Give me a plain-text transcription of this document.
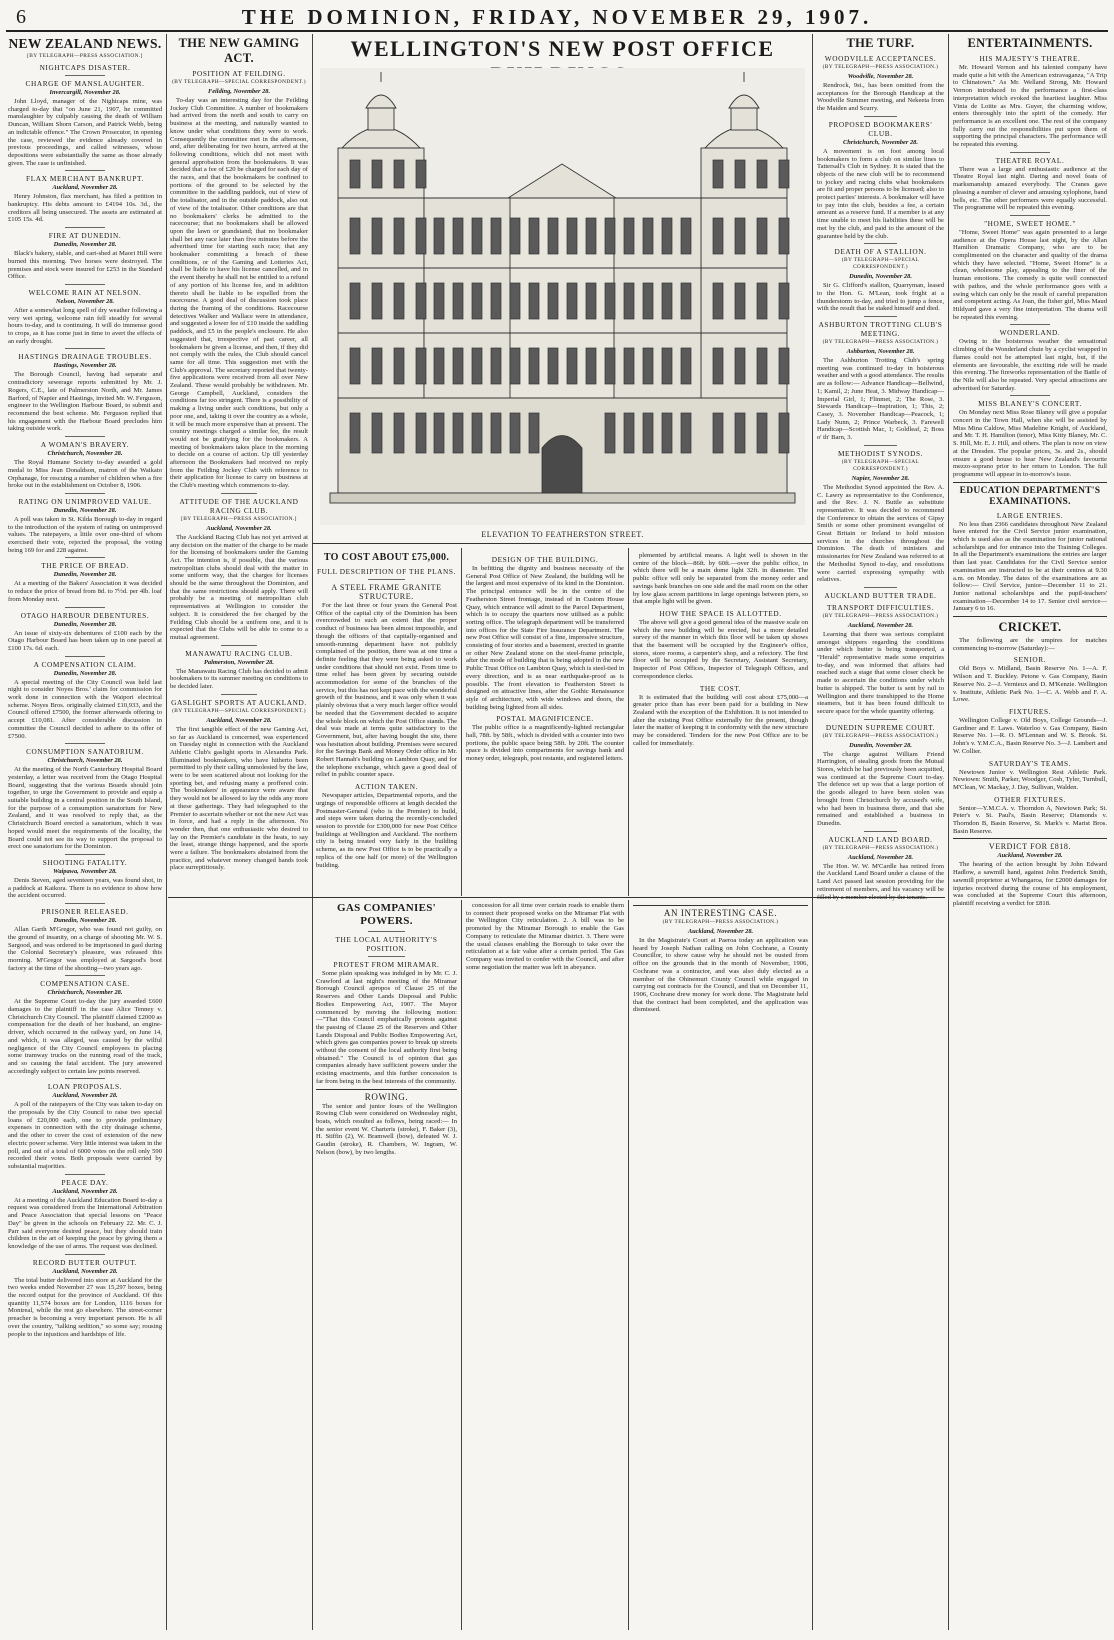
6	THE DOMINION, FRIDAY, NOVEMBER 29, 1907.
NEW ZEALAND NEWS.
[BY TELEGRAPH—PRESS ASSOCIATION.]
NIGHTCAPS DISASTER.
CHARGE OF MANSLAUGHTER.
Invercargill, November 28.

John Lloyd, manager of the Nightcaps mine, was charged to-day that "on June 21, 1907, he committed manslaughter by culpably causing the death of William Duncan, William Shorn Carson, and Patrick Webb, being an indictable offence." The Crown Prosecutor, in opening the case, reviewed the evidence already covered in previous proceedings, and called witnesses, whose depositions were substantially the same as those already given. The case is unfinished.

FLAX MERCHANT BANKRUPT.
Auckland, November 28.

Henry Johnston, flax merchant, has filed a petition in bankruptcy. His debts amount to £4194 10s. 3d., the creditors all being unsecured. The assets are estimated at £105 15s. 4d.

FIRE AT DUNEDIN.
Dunedin, November 28.

Black's bakery, stable, and cart-shed at Maori Hill were burned this morning. Two horses were destroyed. The premises and stock were insured for £253 in the Standard Office.

WELCOME RAIN AT NELSON.
Nelson, November 28.

After a somewhat long spell of dry weather following a very wet spring, welcome rain fell steadily for several hours to-day, and is continuing. It will do immense good to crops, as it has come just in time to avert the effects of an early drought.

HASTINGS DRAINAGE TROUBLES.
Hastings, November 28.

The Borough Council, having had separate and contradictory sewerage reports submitted by Mr. J. Rogers, C.E., late of Palmerston North, and Mr. James Barford, of Napier and Hastings, invited Mr. W. Ferguson, engineer to the Wellington Harbour Board, to submit and recommend the best scheme. Mr. Ferguson replied that his engagement with the Harbour Board precludes him taking outside work.

A WOMAN'S BRAVERY.
Christchurch, November 28.

The Royal Humane Society to-day awarded a gold medal to Miss Jean Donaldson, matron of the Waikato Orphanage, for rescuing a number of children when a fire broke out in the establishment on October 8, 1906.

RATING ON UNIMPROVED VALUE.
Dunedin, November 28.

A poll was taken in St. Kilda Borough to-day in regard to the introduction of the system of rating on unimproved values. The ratepayers, a little over one-third of whom exercised their vote, rejected the proposal, the voting being 169 for and 228 against.

THE PRICE OF BREAD.
Dunedin, November 28.

At a meeting of the Bakers' Association it was decided to reduce the price of bread from 8d. to 7½d. per 4lb. loaf from Monday next.

OTAGO HARBOUR DEBENTURES.
Dunedin, November 28.

An issue of sixty-six debentures of £100 each by the Otago Harbour Board has been taken up in one parcel at £100 17s. 6d. each.

A COMPENSATION CLAIM.
Dunedin, November 28.

A special meeting of the City Council was held last night to consider Noyes Bros.' claim for commission for work done in connection with the Waipori electrical scheme. Noyes Bros. originally claimed £10,933, and the Council offered £7500, the former afterwards offering to accept £10,081. After considerable discussion in committee the Council decided to adhere to its offer of £7500.

CONSUMPTION SANATORIUM.
Christchurch, November 28.

At the meeting of the North Canterbury Hospital Board yesterday, a letter was received from the Otago Hospital Board, suggesting that the various Boards should join together, to urge the Government to provide and equip a suitable building in a central position in the South Island, for the purpose of a consumption sanatorium for New Zealand, and it was resolved to reply that, as the Christchurch Board erected a sanatorium, which it was hoped would meet the requirements of the locality, the Board could not see its way to support the proposal to erect one sanatorium for the Dominion.

SHOOTING FATALITY.
Waipawa, November 28.

Denis Steven, aged seventeen years, was found shot, in a paddock at Kaikora. There is no evidence to show how the accident occurred.

PRISONER RELEASED.
Dunedin, November 28.

Allan Garth M'Gregor, who was found not guilty, on the ground of insanity, on a charge of shooting Mr. W. S. Sargood, and was ordered to be imprisoned in gaol during the Colonial Secretary's pleasure, was released this morning. M'Gregor was employed at Sargood's boot factory at the time of the shooting—two years ago.

COMPENSATION CASE.
Christchurch, November 28.

At the Supreme Court to-day the jury awarded £600 damages to the plaintiff in the case Alice Tenney v. Christchurch City Council. The plaintiff claimed £2000 as compensation for the death of her husband, an engine-driver, which occurred in the railway yard, on June 14, and which, it was alleged, was caused by the wilful negligence of the City Council employees in placing some tramway trucks on the running road of the track, and so causing the fatal accident. The jury answered accordingly subject to certain law points reserved.

LOAN PROPOSALS.
Auckland, November 28.

A poll of the ratepayers of the City was taken to-day on the proposals by the City Council to raise two special loans of £20,000 each, one to provide preliminary expenses in connection with the city drainage scheme, and the other to cover the cost of extension of the new electric power scheme. Very little interest was taken in the poll, and out of a total of 6000 votes on the roll only 590 recorded their votes. Both proposals were carried by substantial majorities.

PEACE DAY.
Auckland, November 28.

At a meeting of the Auckland Education Board to-day a request was considered from the International Arbitration and Peace Association that special lessons on "Peace Day" be given in the schools on February 22. Mr. C. J. Parr said everyone desired peace, but they should train children in the art of keeping the peace by giving them a knowledge of the use of arms. The request was declined.

RECORD BUTTER OUTPUT.
Auckland, November 28.

The total butter delivered into store at Auckland for the two weeks ended November 27 was 15,297 boxes, being the record output for the province of Auckland. Of this quantity 11,574 boxes are for London, 1116 boxes for Montreal, while the rest go elsewhere. The street-corner preacher is becoming a very important person. He is all over the country, "talking sedition," so some say; rousing people to the injustices and hardships of life.

THE NEW GAMING ACT.
POSITION AT FEILDING.
(BY TELEGRAPH—SPECIAL CORRESPONDENT.)
Feilding, November 28.

To-day was an interesting day for the Feilding Jockey Club Committee. A number of bookmakers had arrived from the north and south to carry on business at the meeting, and naturally wanted to know under what conditions they were to work. Consequently the committee met in the afternoon, and, after deliberating for two hours, arrived at the following conditions, which did not meet with general approbation from the bookmakers. It was decided that a fee of £20 be charged for each day of the races, and that the bookmakers be confined to portions of the ground to be selected by the committee in the saddling paddock, out of view of the totalisator, and in the outside paddock, also out of view of the totalisator. Other conditions are that no bookmakers' clerks be admitted to the racecourse; that no bookmakers shall be allowed upon the lawn or grandstand; that no bookmaker shall bet any race later than five minutes before the advertised time for starting such race; that any bookmaker committing a breach of these conditions, or of the Gaming and Lotteries Act, shall be liable to have his license cancelled, and in the event thereby he shall not be entitled to a refund of any portion of his license fee, and in addition thereto shall be liable to be expelled from the racecourse. A good deal of discussion took place during the framing of the conditions. Racecourse detectives Walker and Wallace were in attendance, and suggested a lower fee of £10 inside the saddling paddock, and £5 in the people's enclosure. He also suggested that, irrespective of past career, all bookmakers be given a license, and then, if they did not comply with the rules, the Club should cancel same for all time. This suggestion met with the Club's approval. The secretary reported that twenty-five applications were received from all over New Zealand. These would probably be withdrawn. Mr. George Campbell, Auckland, considers the conditions far too stringent. There is a possibility of making a living under such conditions, but only a poor one, and, taking it over the country as a whole, it will be much more expensive than at present. The country meetings charged a similar fee, the result would not be gratifying for the bookmakers. A meeting of bookmakers takes place in the morning to decide on a course of action. Up till yesterday afternoon the Bookmakers had received no reply from the Feilding Jockey Club with reference to their application for license to carry on business at the Club's meeting which commences to-day.

ATTITUDE OF THE AUCKLAND RACING CLUB.
[BY TELEGRAPH—PRESS ASSOCIATION.]
Auckland, November 28.

The Auckland Racing Club has not yet arrived at any decision on the matter of the charge to be made for the licensing of bookmakers under the Gaming Act. The intention is, if possible, that the various metropolitan clubs should deal with the matter in some uniform way, that the charges for licenses should be the same throughout the Dominion, and that the same restrictions should apply. There will probably be a meeting of metropolitan club representatives at Wellington to consider the subject. It is considered the fee charged by the Feilding Club should be a uniform one, and it is expected that the Clubs will be able to come to a mutual agreement.

MANAWATU RACING CLUB.
Palmerston, November 28.

The Manawatu Racing Club has decided to admit bookmakers to its summer meeting on conditions to be decided later.

GASLIGHT SPORTS AT AUCKLAND.
(BY TELEGRAPH—SPECIAL CORRESPONDENT.)
Auckland, November 28.

The first tangible effect of the new Gaming Act, so far as Auckland is concerned, was experienced on Tuesday night in connection with the Auckland Athletic Club's gaslight sports in Alexandra Park. Illuminated bookmakers, who have hitherto been permitted to ply their calling unmolested by the law, were to be seen scattered about not looking for the sporting bet, and refusing many a proffered coin. The 'bookmakers' in appearance were aware that they would not be allowed to lay the odds any more at these gatherings. They had telegraphed to the Premier to ascertain whether or not the new Act was in force, and had a reply in the afternoon. No wonder then, that one enthusiastic who desired to lay on the Premier's candidate in the heats, to say the least, strange things happened, and the sports were a failure. The bookmakers abstained from the practice, and whatever money changed hands took place surreptitiously.

WELLINGTON'S NEW POST OFFICE
ELEVATION TO FEATHERSTON STREET.
TO COST ABOUT £75,000.
FULL DESCRIPTION OF THE PLANS.
A STEEL FRAME GRANITE STRUCTURE.

For the last three or four years the General Post Office of the capital city of the Dominion has been overcrowded to such an extent that the proper conduct of business has been almost impossible, and though the officers of that capitally-organised and smooth-running department have not publicly complained of the position, there was at one time a definite feeling that they were being asked to work under conditions that should not exist. From time to time relief has been given by securing outside accommodation for some of the branches of the service, but this has not kept pace with the wonderful growth of the business, and it was only when it was plainly obvious that a very much larger office would be needed that the Government decided to acquire the whole block on which the Post Office stands. The deal was made at terms quite satisfactory to the Government, but, after having bought the site, there was hesitation about building. Premises were secured for the Savings Bank and Money Order office in Mr. Robert Hannah's building on Lambton Quay, and for the telephone exchange, which gave a good deal of relief in public counter space.

ACTION TAKEN.

Newspaper articles, Departmental reports, and the urgings of responsible officers at length decided the Postmaster-General (who is the Premier) to build, and steps were taken during the recently-concluded session to provide for £300,000 for new Post Office buildings at Wellington and Auckland. The northern city is being treated very fairly in the building scheme, as its new Post Office is to be practically a replica of the one half (or more) of the Wellington building.

DESIGN OF THE BUILDING.

In befitting the dignity and business necessity of the General Post Office of New Zealand, the building will be the largest and most expensive of its kind in the Dominion. The principal entrance will be in the centre of the Featherston Street frontage, instead of in Custom House Quay, which entrance will admit to the Parcel Department, which is to occupy the quarters now utilised as a public sorting office. The telegraph department will be transferred into offices for the State Fire Insurance Department. The new Post Office will consist of a fine, impressive structure, consisting of four stories and a basement, erected in granite or other New Zealand stone on the steel-frame principle, after the mode of building that is being adopted in the new Public Trust Office on Lambton Quay, which is steel-tied in every direction, and is as near earthquake-proof as is possible. The front elevation to Featherston Street is designed on attractive lines, after the Gothic Renaissance style of architecture, with wide windows and doors, the building being lighted from all sides.

POSTAL MAGNIFICENCE.

The public office is a magnificently-lighted rectangular hall, 78ft. by 58ft., which is divided with a counter into two portions, the public space being 58ft. by 20ft. The counter space is divided into compartments for savings bank and money order, telegraph, post restante, and registered letters.

plemented by artificial means. A light well is shown in the centre of the block—86ft. by 60ft.—over the public office, in which there will be a main dome light 32ft. in diameter. The public office will only be separated from the money order and savings bank branches on one side and the mail room on the other by low glass screen partitions in large openings between piers, so that ample light will be given.

HOW THE SPACE IS ALLOTTED.

The above will give a good general idea of the massive scale on which the new building will be erected, but a more detailed survey of the manner in which this floor will be taken up shows that the basement will be occupied by the Engineer's office, stores, store rooms, a carpenter's shop, and a refectory. The first floor will be occupied by the Secretary, Assistant Secretary, Inspector of Post Offices, Inspector of Telegraph Offices, and correspondence clerks.

THE COST.

It is estimated that the building will cost about £75,000—a greater price than has ever been paid for a building in New Zealand with the exception of the Exhibition. It is not intended to alter the existing Post Office externally for the present, though later the matter of keeping it in conformity with the new structure may be considered. Tenders for the new Post Office are to be called for immediately.

GAS COMPANIES' POWERS.
THE LOCAL AUTHORITY'S POSITION.
PROTEST FROM MIRAMAR.

Some plain speaking was indulged in by Mr. C. J. Crawford at last night's meeting of the Miramar Borough Council apropos of Clause 25 of the Reserves and Other Lands Disposal and Public Bodies Empowering Act, 1907. The Mayor commenced by moving the following motion:—"That this Council emphatically protests against the passing of Clause 25 of the Reserves and Other Lands Disposal and Public Bodies Empowering Act, which gives gas companies power to break up streets without the consent of the local authority first being obtained." The Council is of opinion that gas companies already have sufficient powers under the existing enactments, and this further concession is far from being in the best interests of the community.

ROWING.

The senior and junior fours of the Wellington Rowing Club were considered on Wednesday night, boats, which resulted as follows, being raced:— In the senior event W. Charteris (stroke), F. Baker (3), H. Stiffin (2), W. Bramwell (bow), defeated W. J. Gaudin (stroke), R. Chambers, W. Ingram, W. Nelson (bow), by two lengths.

concession for all time over certain roads to enable them to connect their proposed works on the Miramar Flat with the Wellington City reticulation. 2. A bill was to be promoted by the Miramar Borough to enable the Gas Company to reticulate the Miramar district. 3. There were the usual clauses enabling the Borough to take over the reticulation at a fair value after a certain period. The Gas Company was invited to confer with the Council, and after some negotiation the matter was left in abeyance.

AN INTERESTING CASE.
(BY TELEGRAPH—PRESS ASSOCIATION.)
Auckland, November 28.

In the Magistrate's Court at Paeroa today an application was heard by Joseph Nathan calling on John Cochrane, a County Councillor, to show cause why he should not be ousted from office on the grounds that in the month of November, 1906, Cochrane was a contractor, and was also duly elected as a member of the Ohinemuri County Council while engaged in carrying out contracts for the Council, and that on December 11, 1906, Cochrane drew money for work done. The Magistrate held that the contract had been completed, and the application was dismissed.

THE TURF.
WOODVILLE ACCEPTANCES.
(BY TELEGRAPH—PRESS ASSOCIATION.)
Woodville, November 28.

Rendrock, 9st., has been omitted from the acceptances for the Borough Handicap at the Woodville Summer meeting, and Nekeeta from the Maiden and Scurry.

PROPOSED BOOKMAKERS' CLUB.
Christchurch, November 28.

A movement is on foot among local bookmakers to form a club on similar lines to Tattersall's Club in Sydney. It is stated that the objects of the new club will be to recommend to jockey and racing clubs what bookmakers are fit and proper persons to be licensed; also to protect parties' interests. A bookmaker will have to pay into the club, besides a fee, a certain amount as a reserve fund. If a member is at any time unable to meet his liabilities these will be met by the club, and paid to the amount of the guarantee held by the club.

DEATH OF A STALLION.
(BY TELEGRAPH—SPECIAL CORRESPONDENT.)
Dunedin, November 28.

Sir G. Clifford's stallion, Quarryman, leased to the Hon. G. M'Lean, took fright at a thunderstorm to-day, and tried to jump a fence, with the result that he staked himself and died.

ASHBURTON TROTTING CLUB'S MEETING.
(BY TELEGRAPH—PRESS ASSOCIATION.)
Ashburton, November 28.

The Ashburton Trotting Club's spring meeting was continued to-day in boisterous weather and with a good attendance. The results are as follow:— Advance Handicap—Bellwind, 1; Kamil, 2; June Heat, 3. Midway Handicap—Imperial Girl, 1; Flinmet, 2; The Rose, 3. Stewards Handicap—Inspiration, 1; This, 2; Casey, 3. November Handicap—Peacock, 1; Lady Nunn, 2; Prince Warbeck, 3. Farewell Handicap—Scottish Mac, 1; Goldleaf, 2; Boss o' th' Barn, 3.

METHODIST SYNODS.
(BY TELEGRAPH—SPECIAL CORRESPONDENT.)
Napier, November 28.

The Methodist Synod appointed the Rev. A. C. Lawry as representative to the Conference, and the Rev. J. N. Buttle as substitute representative. It was decided to recommend the Conference to obtain the services of Gipsy Smith or some other prominent evangelist of Great Britain or Ireland to hold mission services in the churches throughout the Dominion. The death of ministers and missionaries for New Zealand was referred to at the Methodist Synod to-day, and resolutions were carried expressing sympathy with relatives.

AUCKLAND BUTTER TRADE.
TRANSPORT DIFFICULTIES.
(BY TELEGRAPH—PRESS ASSOCIATION.)
Auckland, November 28.

Learning that there was serious complaint amongst shippers regarding the conditions under which butter is being transported, a "Herald" representative made some enquiries to-day, and was informed that affairs had reached such a stage that some closer check be made to ascertain the conditions under which butter is shipped. The butter is sent by rail to Wellington and there transhipped to the Home steamers, but it has been found difficult to secure space for the whole quantity offering.

DUNEDIN SUPREME COURT.
(BY TELEGRAPH—PRESS ASSOCIATION.)
Dunedin, November 28.

The charge against William Friend Harrington, of stealing goods from the Mutual Stores, which he had previously been acquitted, was continued at the Supreme Court to-day. The defence set up was that a large portion of the goods alleged to have been stolen was brought from Christchurch by accused's wife, who had been in business there, and that she remained and established a business in Dunedin.

AUCKLAND LAND BOARD.
(BY TELEGRAPH—PRESS ASSOCIATION.)
Auckland, November 28.

The Hon. W. W. M'Cardle has retired from the Auckland Land Board under a clause of the Land Act passed last session providing for the retirement of members, and his vacancy will be filled by a member elected by the tenants.

ENTERTAINMENTS.
HIS MAJESTY'S THEATRE.

Mr. Howard Vernon and his talented company have made quite a hit with the American extravaganza, "A Trip to Chinatown." As Mr. Welland Strong, Mr. Howard Vernon introduced to the performance a first-class interpretation which evoked the heartiest laughter. Miss Vinia de Loitte as Mrs. Guyer, the charming widow, enters thoroughly into the spirit of the comedy. Her performance is an excellent one. The rest of the company fully carry out the responsibilities put upon them of supporting the principal characters. The performance will be repeated this evening.

THEATRE ROYAL.

There was a large and enthusiastic audience at the Theatre Royal last night. Daring and novel feats of marksmanship amazed everybody. The Cranes gave pleasing a number of clever and amusing xylophone, band bells, etc. The other performers were equally successful. The programme will be repeated this evening.

"HOME, SWEET HOME."

"Home, Sweet Home" was again presented to a large audience at the Opera House last night, by the Allan Hamilton Dramatic Company, who are to be complimented on the character and quality of the drama which they have selected. "Home, Sweet Home" is a clean, wholesome play, appealing to the finer of the human emotions. The comedy is quite well connected with pathos, and the whole performance goes with a swing which can only be the result of careful preparation and competent acting. As Joan, the fisher girl, Miss Maud Hildyard gave a very fine interpretation. The drama will be repeated this evening.

WONDERLAND.

Owing to the boisterous weather the sensational climbing of the Wonderland chute by a cyclist wrapped in flames could not be attempted last night, but, if the elements are favourable, the exciting ride will be made this evening. The fireworks representation of the Battle of the Nile will also be repeated. Very special attractions are advertised for Saturday.

MISS BLANEY'S CONCERT.

On Monday next Miss Rose Blaney will give a popular concert in the Town Hall, when she will be assisted by Miss Mina Caldow, Miss Madeline Knight, of Auckland, and Mr. T. H. Hamilton (tenor), Miss Kitty Blaney, Mr. C. S. Hill, Mr. E. J. Hill, and others. The plan is now on view at the Dresden. The popular prices, 3s. and 2s., should ensure a good house to hear New Zealand's favourite mezzo-soprano prior to her return to London. The full programme will appear in to-morrow's issue.

EDUCATION DEPARTMENT'S EXAMINATIONS.
LARGE ENTRIES.

No less than 2366 candidates throughout New Zealand have entered for the Civil Service junior examination, which is used also as the examination for junior national scholarships and for entrance into the Training Colleges. In all the Department's examinations the entries are larger than last year. Candidates for the Civil Service senior examination are instructed to be at their centres at 9.30 a.m. on Monday. The dates of the examinations are as follow:— Civil Service, junior—December 11 to 21. Junior national scholarships and the pupil-teachers' examination—December 14 to 17. Senior civil service—January 6 to 16.

CRICKET.

The following are the umpires for matches commencing to-morrow (Saturday):—

SENIOR.

Old Boys v. Midland, Basin Reserve No. 1—A. F. Wilson and T. Buckley. Petone v. Gas Company, Basin Reserve No. 2—J. Vernieux and D. M'Kenzie. Wellington v. Institute, Athletic Park No. 1—C. A. Webb and F. A. Lowe.

FIXTURES.

Wellington College v. Old Boys, College Grounds—J. Gardiner and F. Laws. Waterloo v. Gas Company, Basin Reserve No. 1—R. O. M'Lennan and W. S. Brook. St. John's v. Y.M.C.A., Basin Reserve No. 3—J. Lambert and W. Collier.

SATURDAY'S TEAMS.

Newtown Junior v. Wellington Rest Athletic Park. Newtown: Smith, Parker, Woodger, Cosh, Tyler, Turnbull, M'Clean, W. Mackay, J. Day, Sullivan, Walden.

OTHER FIXTURES.

Senior—Y.M.C.A. v. Thorndon A, Newtown Park; St. Peter's v. St. Paul's, Basin Reserve; Diamonds v. Thorndon B, Basin Reserve, St. Mark's v. Marist Bros. Basin Reserve.

VERDICT FOR £818.
Auckland, November 28.

The hearing of the action brought by John Edward Hadlow, a sawmill hand, against John Frederick Smith, sawmill proprietor at Whangaroa, for £2000 damages for injuries received during the course of his employment, was concluded at the Supreme Court this afternoon, plaintiff receiving a verdict for £818.
